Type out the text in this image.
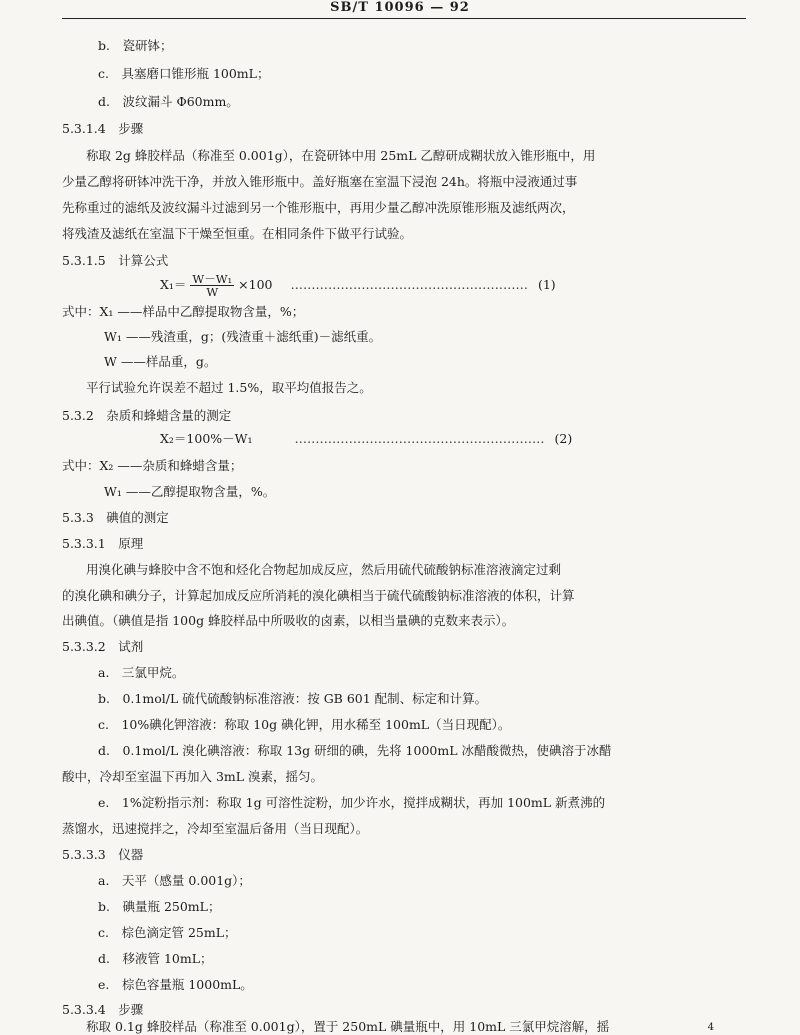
SB/T 10096 — 92
b.　瓷研钵；
c.　具塞磨口锥形瓶 100mL；
d.　波纹漏斗 Φ60mm。
5.3.1.4　步骤
称取 2g 蜂胶样品（称准至 0.001g），在瓷研钵中用 25mL 乙醇研成糊状放入锥形瓶中，用
少量乙醇将研钵冲洗干净，并放入锥形瓶中。盖好瓶塞在室温下浸泡 24h。将瓶中浸液通过事
先称重过的滤纸及波纹漏斗过滤到另一个锥形瓶中，再用少量乙醇冲洗原锥形瓶及滤纸两次，
将残渣及滤纸在室温下干燥至恒重。在相同条件下做平行试验。
5.3.1.5　计算公式
$X_1= \frac{\text{W－W₁}}{W} \times 100$ ………………………………………………… (1)
式中：X₁ ——样品中乙醇提取物含量，%；
W₁ ——残渣重，g；(残渣重＋滤纸重)－滤纸重。
W ——样品重，g。
平行试验允许误差不超过 1.5%，取平均值报告之。
5.3.2　杂质和蜂蜡含量的测定
X₂＝100%－W₁	…………………………………………………… (2)
式中：X₂ ——杂质和蜂蜡含量；
W₁ ——乙醇提取物含量，%。
5.3.3　碘值的测定
5.3.3.1　原理
用溴化碘与蜂胶中含不饱和烃化合物起加成反应，然后用硫代硫酸钠标准溶液滴定过剩
的溴化碘和碘分子，计算起加成反应所消耗的溴化碘相当于硫代硫酸钠标准溶液的体积，计算
出碘值。（碘值是指 100g 蜂胶样品中所吸收的卤素，以相当量碘的克数来表示）。
5.3.3.2　试剂
a.　三氯甲烷。
b.　0.1mol/L 硫代硫酸钠标准溶液：按 GB 601 配制、标定和计算。
c.　10%碘化钾溶液：称取 10g 碘化钾，用水稀至 100mL（当日现配）。
d.　0.1mol/L 溴化碘溶液：称取 13g 研细的碘，先将 1000mL 冰醋酸微热，使碘溶于冰醋
酸中，冷却至室温下再加入 3mL 溴素，摇匀。
e.　1%淀粉指示剂：称取 1g 可溶性淀粉，加少许水，搅拌成糊状，再加 100mL 新煮沸的
蒸馏水，迅速搅拌之，冷却至室温后备用（当日现配）。
5.3.3.3　仪器
a.　天平（感量 0.001g）；
b.　碘量瓶 250mL；
c.　棕色滴定管 25mL；
d.　移液管 10mL；
e.　棕色容量瓶 1000mL。
5.3.3.4　步骤
称取 0.1g 蜂胶样品（称准至 0.001g），置于 250mL 碘量瓶中，用 10mL 三氯甲烷溶解，摇	4
